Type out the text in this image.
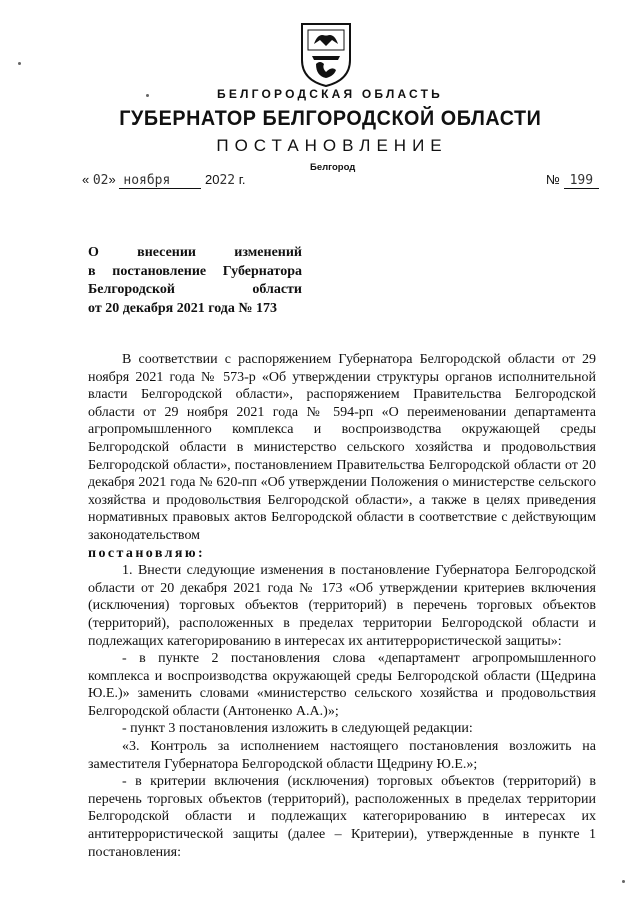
БЕЛГОРОДСКАЯ ОБЛАСТЬ
ГУБЕРНАТОР БЕЛГОРОДСКОЙ ОБЛАСТИ
ПОСТАНОВЛЕНИЕ
Белгород
« 02» ноября	2022 г.	№ 199
О внесении изменений
в постановление Губернатора
Белгородской области
от 20 декабря 2021 года № 173

В соответствии с распоряжением Губернатора Белгородской области от 29 ноября 2021 года № 573-р «Об утверждении структуры органов исполнительной власти Белгородской области», распоряжением Правительства Белгородской области от 29 ноября 2021 года № 594-рп «О переименовании департамента агропромышленного комплекса и воспроизводства окружающей среды Белгородской области в министерство сельского хозяйства и продовольствия Белгородской области», постановлением Правительства Белгородской области от 20 декабря 2021 года № 620-пп «Об утверждении Положения о министерстве сельского хозяйства и продовольствия Белгородской области», а также в целях приведения нормативных правовых актов Белгородской области в соответствие с действующим законодательством

постановляю:

1. Внести следующие изменения в постановление Губернатора Белгородской области от 20 декабря 2021 года № 173 «Об утверждении критериев включения (исключения) торговых объектов (территорий) в перечень торговых объектов (территорий), расположенных в пределах территории Белгородской области и подлежащих категорированию в интересах их антитеррористической защиты»:

- в пункте 2 постановления слова «департамент агропромышленного комплекса и воспроизводства окружающей среды Белгородской области (Щедрина Ю.Е.)» заменить словами «министерство сельского хозяйства и продовольствия Белгородской области (Антоненко А.А.)»;

- пункт 3 постановления изложить в следующей редакции:

«3. Контроль за исполнением настоящего постановления возложить на заместителя Губернатора Белгородской области Щедрину Ю.Е.»;

- в критерии включения (исключения) торговых объектов (территорий) в перечень торговых объектов (территорий), расположенных в пределах территории Белгородской области и подлежащих категорированию в интересах их антитеррористической защиты (далее – Критерии), утвержденные в пункте 1 постановления:
